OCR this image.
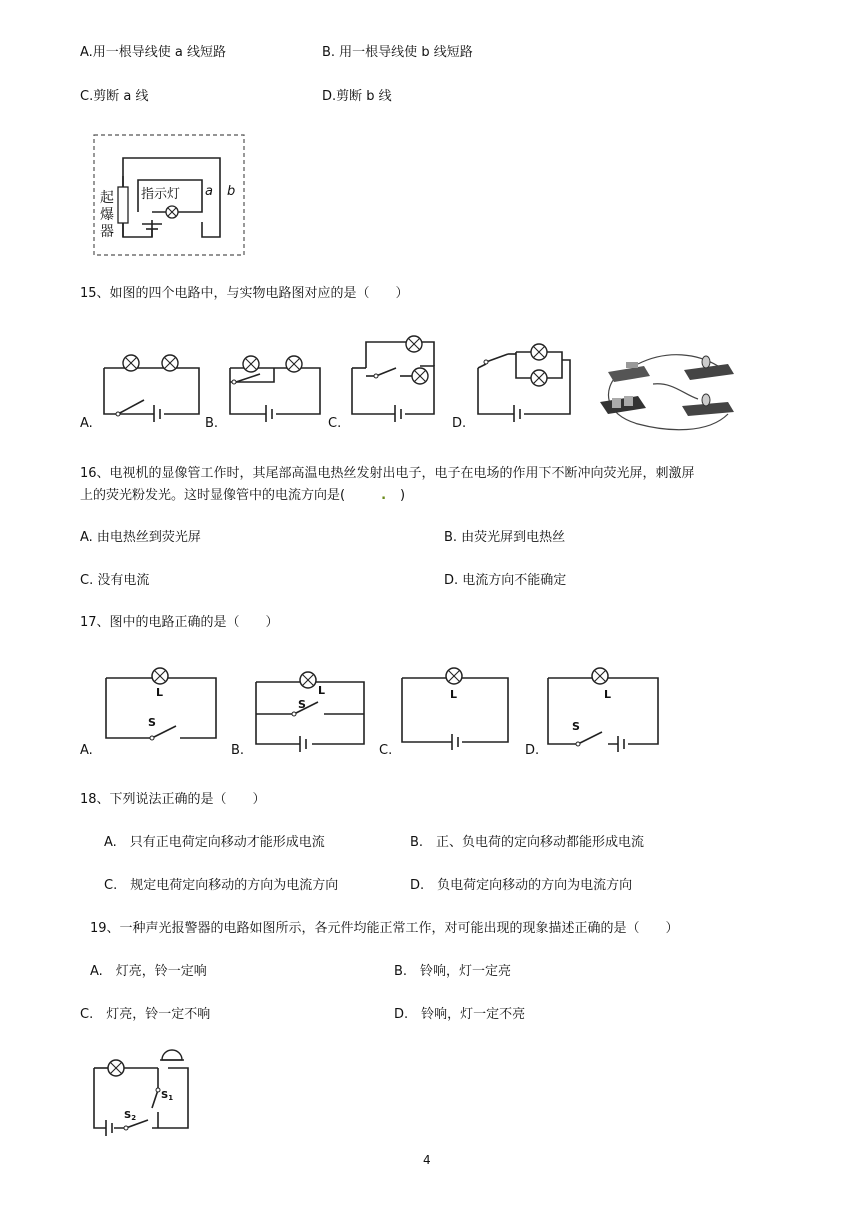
A.用一根导线使 a 线短路	B. 用一根导线使 b 线短路
C.剪断 a 线	D.剪断 b 线
起
爆
器
指示灯 a b
15、如图的四个电路中，与实物电路图对应的是（　　）
A.	B.	C.	D.
16、电视机的显像管工作时，其尾部高温电热丝发射出电子，电子在电场的作用下不断冲向荧光屏，刺激屏
上的荧光粉发光。这时显像管中的电流方向是(　　. )
A. 由电热丝到荧光屏	B. 由荧光屏到电热丝
C. 没有电流	D. 电流方向不能确定
17、图中的电路正确的是（　　）
L
S
A.
L
S
B.
L
C.
L
S
D.
18、下列说法正确的是（　　）
A.　只有正电荷定向移动才能形成电流	B.　正、负电荷的定向移动都能形成电流
C.　规定电荷定向移动的方向为电流方向	D.　负电荷定向移动的方向为电流方向
19、一种声光报警器的电路如图所示，各元件均能正常工作，对可能出现的现象描述正确的是（　　）
A.　灯亮，铃一定响	B.　铃响，灯一定亮
C.　灯亮，铃一定不响	D.　铃响，灯一定不亮
$S_1$
$S_2$
4
